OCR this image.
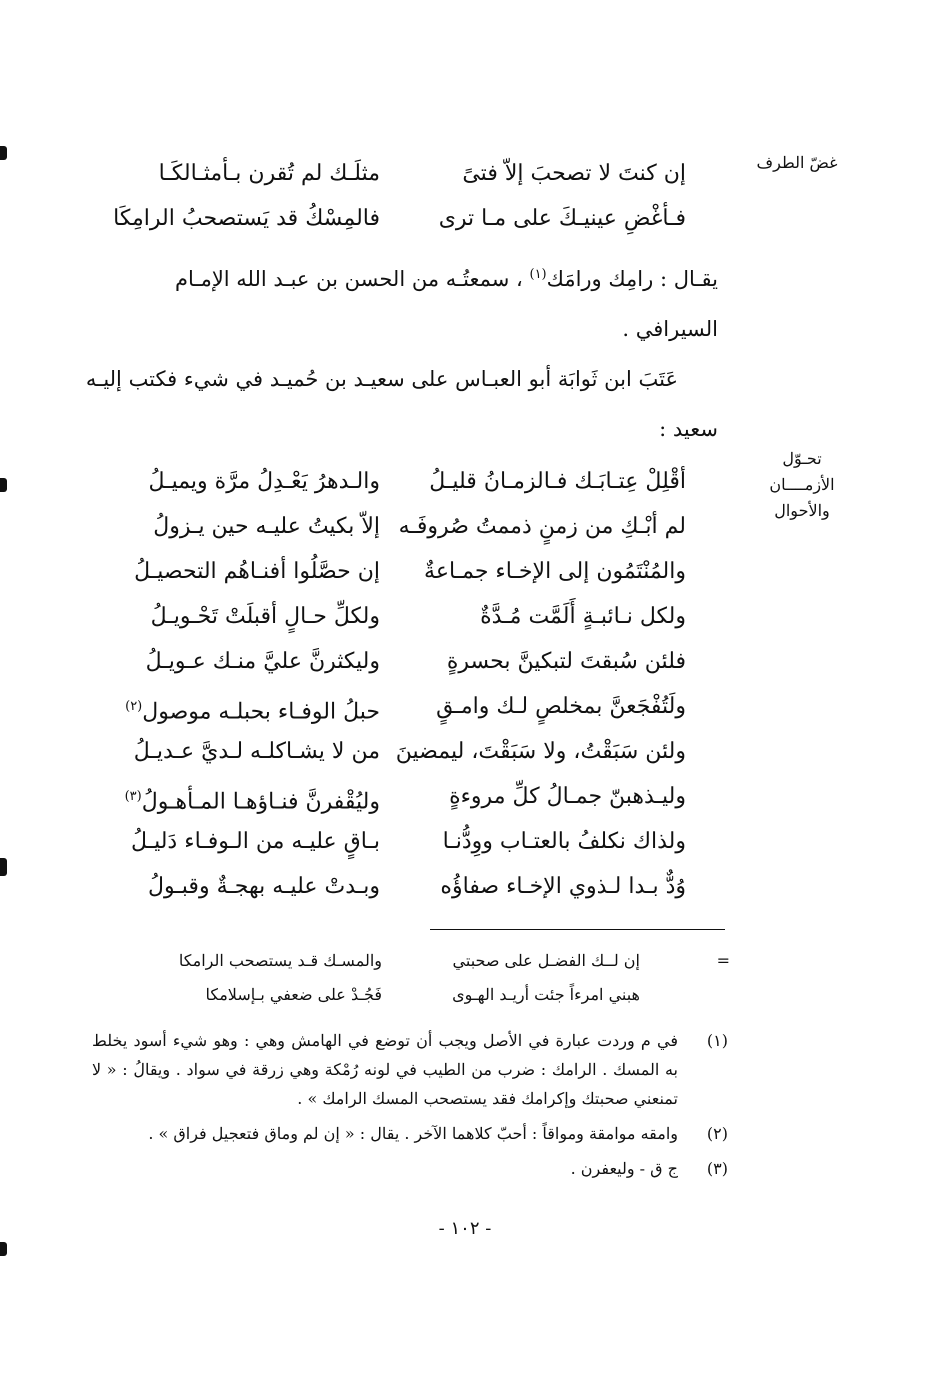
غضّ الطرف
تحـوّل
الأزمــــان
والأحوال
إن كنتَ لا تصحبَ إلاّ فتىً
مثلَـك لم تُقرن بـأمثـالكَـا
فـأغْضِ عينيـكَ على مـا ترى
فالمِسْكُ قد يَستصحبُ الرامِكَا

يقـال : رامِك ورامَك$^{(١)}$ ، سمعتُـه من الحسن بن عبـد الله الإمـام

السيرافي .

عَتَبَ ابن ثَوابَة أبو العبـاس على سعيـد بن حُميـد في شيء فكتب إليـه

سعيد :

أقْلِلْ عِتـابَـك فـالزمـانُ قليـلُ
والـدهرُ يَعْـدِلُ مرَّة ويميـلُ
لم أبْـكِ من زمنٍ ذممتُ صُروفَـه
إلاّ بكيتُ عليـه حين يـزولُ
والمُنْتَمُون إلى الإخـاء جمـاعةٌ
إن حصَّلُوا أفنـاهُم التحصيـلُ
ولكل نـائبـةٍ أَلَمَّت مُـدَّةٌ
ولكلِّ حـالٍ أقبلَتْ تَحْـويـلُ
فلئن سُبقتَ لتبكينَّ بحسرةٍ
وليكثرنَّ عليَّ منـك عـويـلُ
ولَتُفْجَعنَّ بمخلصٍ لـك وامـقٍ
حبلُ الوفـاء بحبلـه موصول$^{(٢)}$
ولئن سَبَقْتُ، ولا سَبَقْتَ، ليمضينَ
من لا يشـاكلـه لـديَّ عـديـلُ
وليـذهبنّ جمـالُ كلِّ مروءةٍ
وليُقْفرنَّ فنـاؤهـا المـأهـولُ$^{(٣)}$
ولذاك نكلفُ بالعتـاب ووِدُّنـا
بـاقٍ عليـه من الـوفـاء دَليـلُ
وُدٌّ بـدا لـذوي الإخـاء صفاؤُه
وبـدتْ عليـه بهجـةٌ وقبـولُ
=
إن لــك الفضـل على صحبتي
والمسـك قـد يستصحب الرامكا
هبني امرءاً جئت أريـد الهـوى
فَجُـدْ على ضعفي بـإسلامكا
(١)
في م وردت عبارة في الأصل ويجب أن توضع في الهامش وهي : وهو شيء أسود يخلط به المسك . الرامك : ضرب من الطيب في لونه رُمْكة وهي زرقة في سواد . ويقالُ : « لا تمنعني صحبتك وإكرامك فقد يستصحب المسك الرامك » .
(٢)
وامقه موامقة ومواقاً : أحبّ كلاهما الآخر . يقال : « إن لم وماق فتعجيل فراق » .
(٣)
ج ق - وليعفرن .
- ١٠٢ -
